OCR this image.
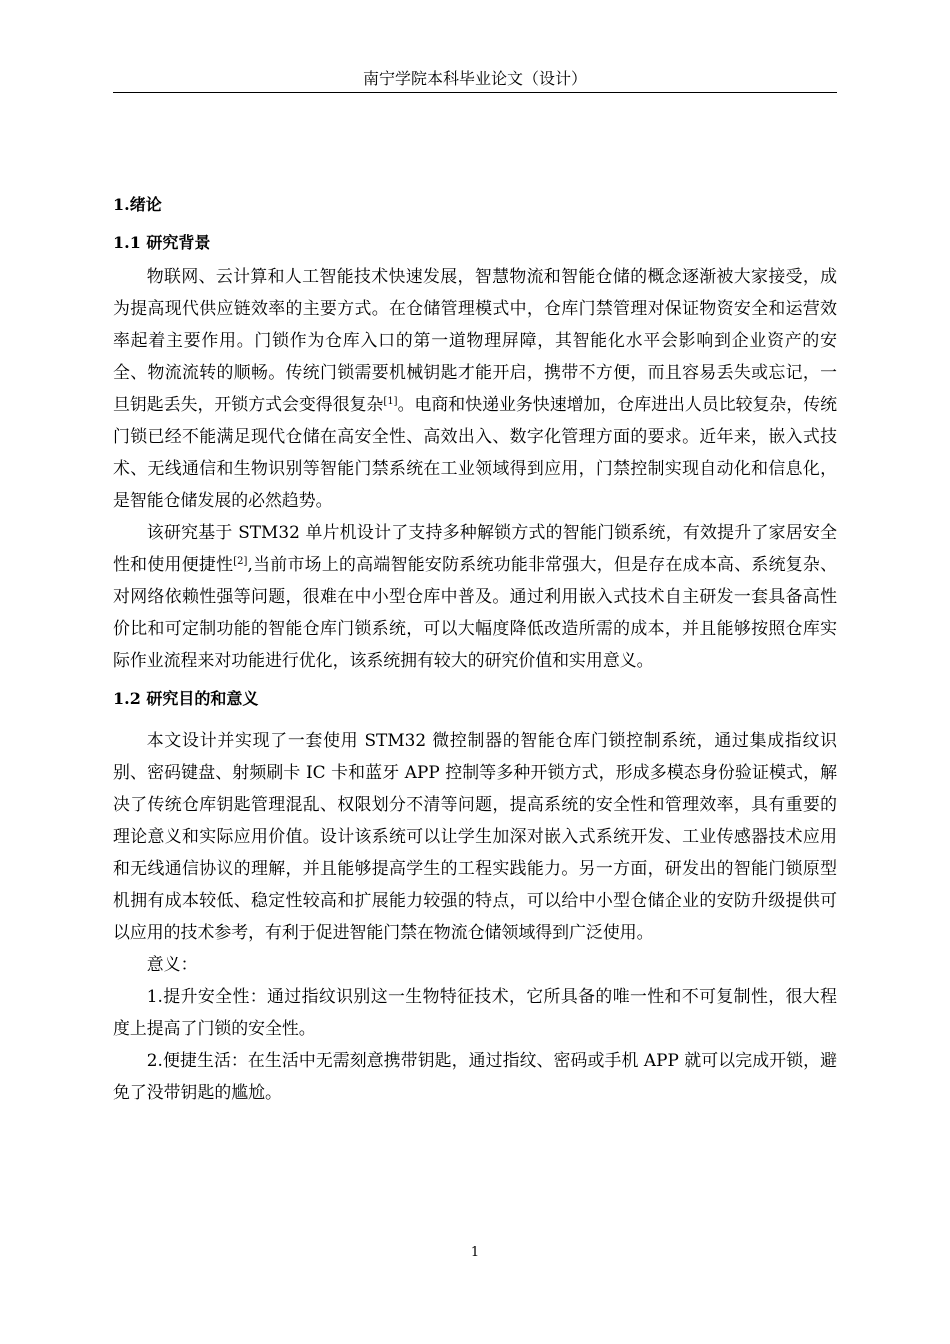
南宁学院本科毕业论文（设计）

1.绪论

1.1 研究背景

物联网、云计算和人工智能技术快速发展，智慧物流和智能仓储的概念逐渐被大家接受，成为提高现代供应链效率的主要方式。在仓储管理模式中，仓库门禁管理对保证物资安全和运营效率起着主要作用。门锁作为仓库入口的第一道物理屏障，其智能化水平会影响到企业资产的安全、物流流转的顺畅。传统门锁需要机械钥匙才能开启，携带不方便，而且容易丢失或忘记，一旦钥匙丢失，开锁方式会变得很复杂[1]。电商和快递业务快速增加，仓库进出人员比较复杂，传统门锁已经不能满足现代仓储在高安全性、高效出入、数字化管理方面的要求。近年来，嵌入式技术、无线通信和生物识别等智能门禁系统在工业领域得到应用，门禁控制实现自动化和信息化，是智能仓储发展的必然趋势。

该研究基于 STM32 单片机设计了支持多种解锁方式的智能门锁系统，有效提升了家居安全性和使用便捷性[2],当前市场上的高端智能安防系统功能非常强大，但是存在成本高、系统复杂、对网络依赖性强等问题，很难在中小型仓库中普及。通过利用嵌入式技术自主研发一套具备高性价比和可定制功能的智能仓库门锁系统，可以大幅度降低改造所需的成本，并且能够按照仓库实际作业流程来对功能进行优化，该系统拥有较大的研究价值和实用意义。

1.2 研究目的和意义

本文设计并实现了一套使用 STM32 微控制器的智能仓库门锁控制系统，通过集成指纹识别、密码键盘、射频刷卡 IC 卡和蓝牙 APP 控制等多种开锁方式，形成多模态身份验证模式，解决了传统仓库钥匙管理混乱、权限划分不清等问题，提高系统的安全性和管理效率，具有重要的理论意义和实际应用价值。设计该系统可以让学生加深对嵌入式系统开发、工业传感器技术应用和无线通信协议的理解，并且能够提高学生的工程实践能力。另一方面，研发出的智能门锁原型机拥有成本较低、稳定性较高和扩展能力较强的特点，可以给中小型仓储企业的安防升级提供可以应用的技术参考，有利于促进智能门禁在物流仓储领域得到广泛使用。

意义：

1.提升安全性：通过指纹识别这一生物特征技术，它所具备的唯一性和不可复制性，很大程度上提高了门锁的安全性。

2.便捷生活：在生活中无需刻意携带钥匙，通过指纹、密码或手机 APP 就可以完成开锁，避免了没带钥匙的尴尬。

1
